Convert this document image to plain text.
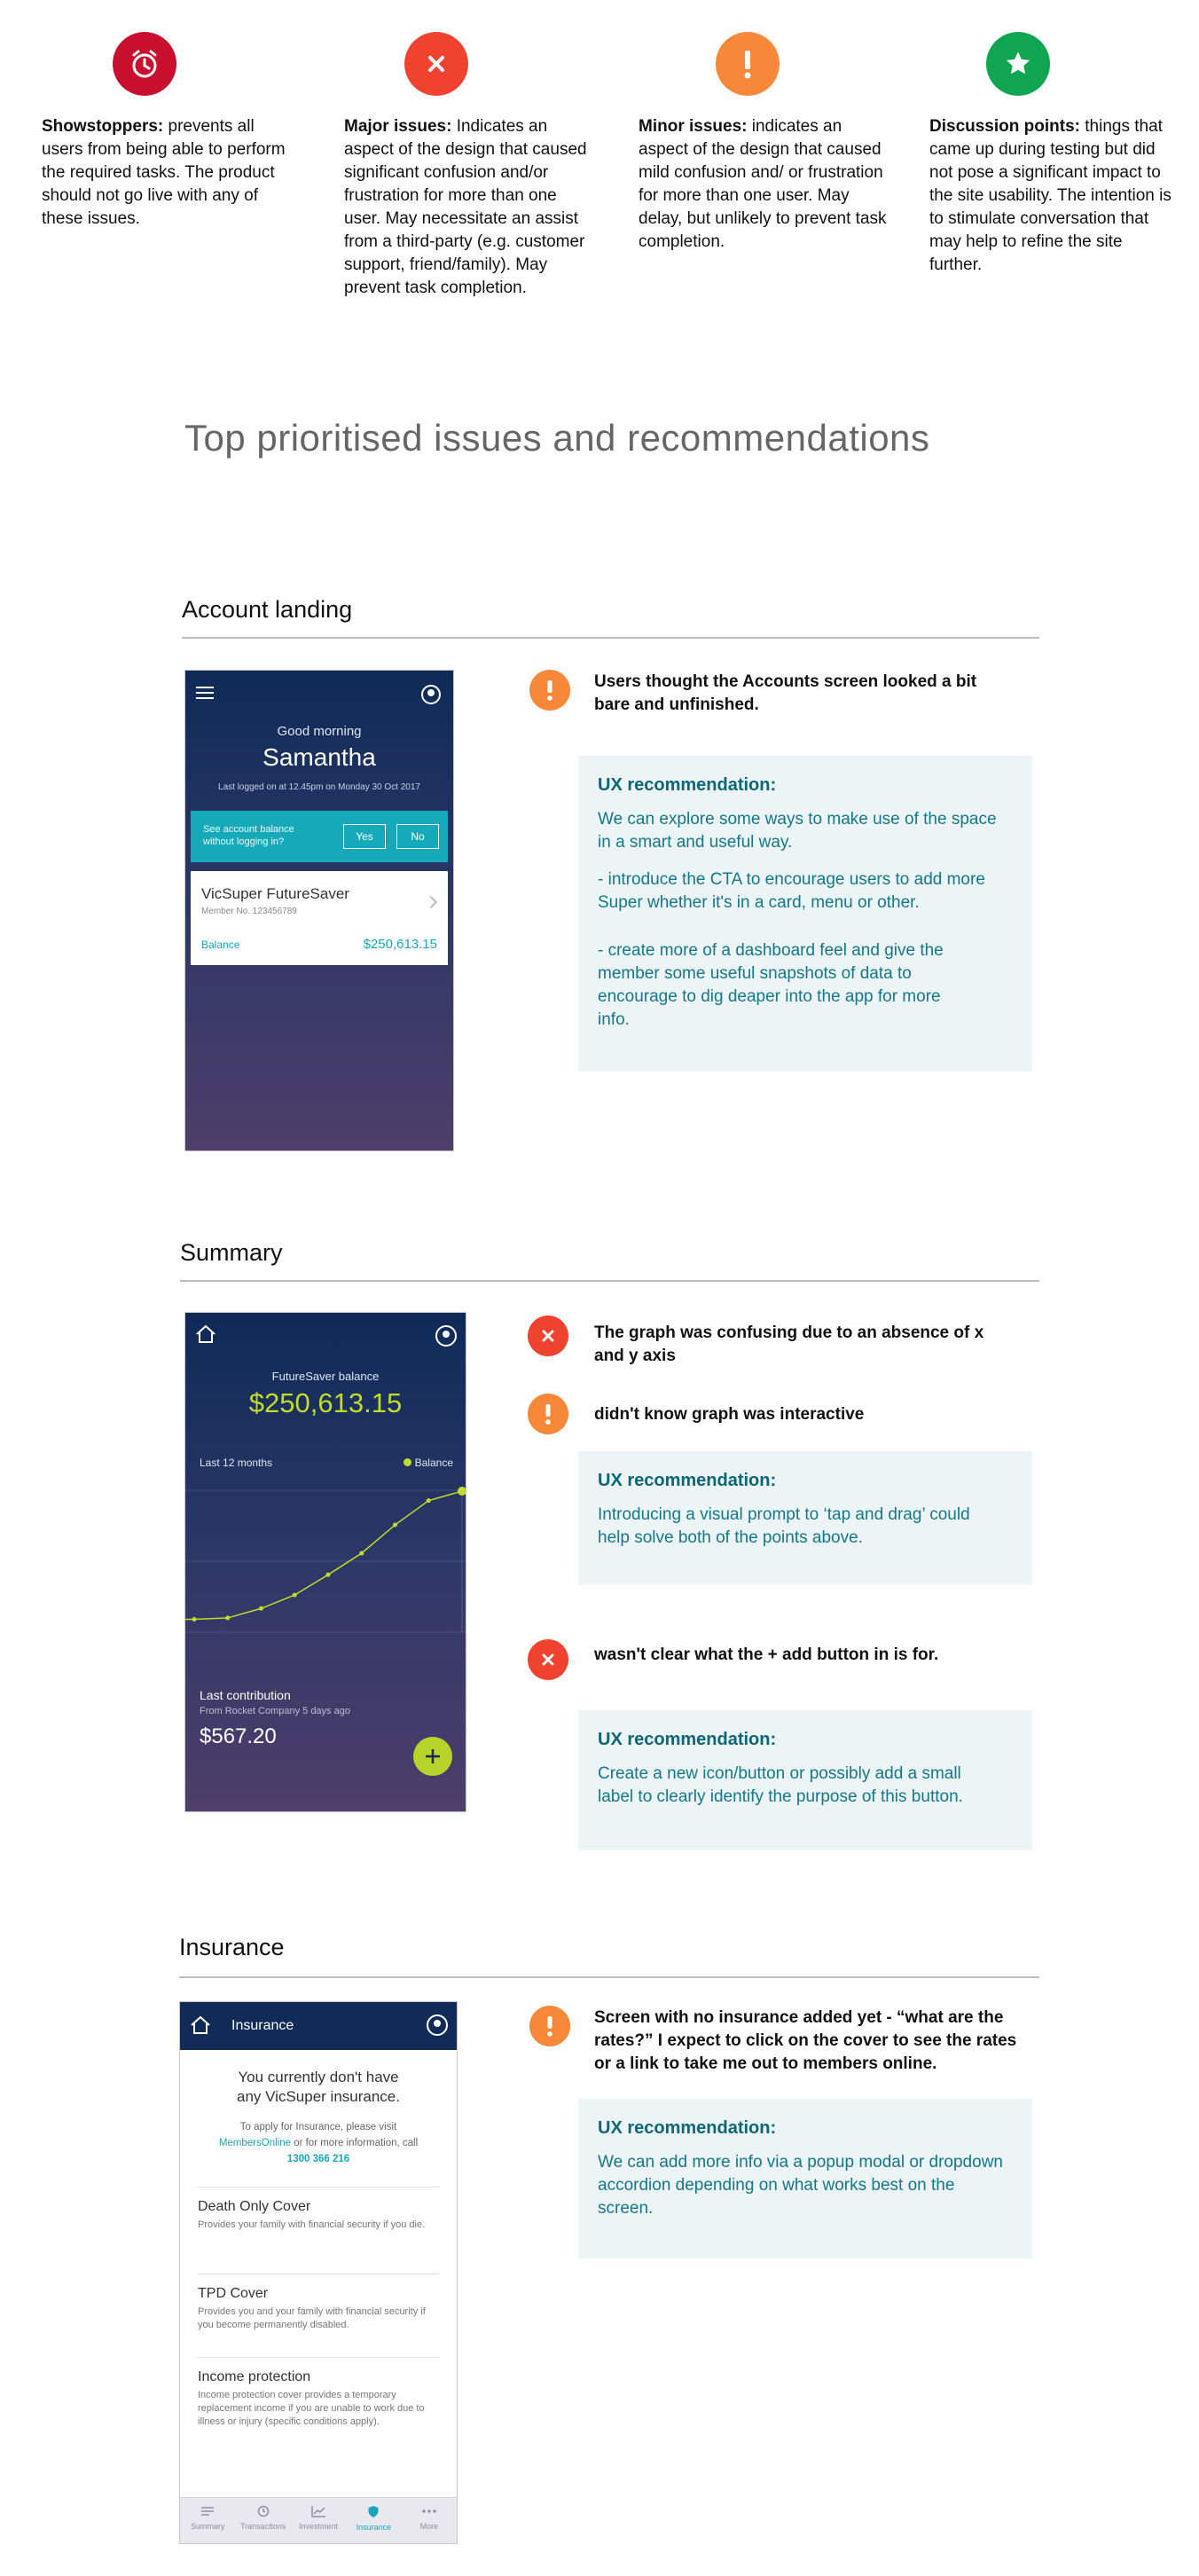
Showstoppers: prevents all users from being able to perform the required tasks. The product should not go live with any of these issues.
Major issues: Indicates an aspect of the design that caused significant confusion and/or frustration for more than one user. May necessitate an assist from a third-party (e.g. customer support, friend/family). May prevent task completion.
Minor issues: indicates an aspect of the design that caused mild confusion and/ or frustration for more than one user. May delay, but unlikely to prevent task completion.
Discussion points: things that came up during testing but did not pose a significant impact to the site usability. The intention is to stimulate conversation that may help to refine the site further.
Top prioritised issues and recommendations
Account landing
Good morning
Samantha
Last logged on at 12.45pm on Monday 30 Oct 2017
See account balance without logging in?	Yes	No
VicSuper FutureSaver
Member No. 123456789
Balance	$250,613.15
Users thought the Accounts screen looked a bit bare and unfinished.
UX recommendation:

We can explore some ways to make use of the space in a smart and useful way.

- introduce the CTA to encourage users to add more Super whether it's in a card, menu or other.

- create more of a dashboard feel and give the member some useful snapshots of data to encourage to dig deaper into the app for more info.

Summary
FutureSaver balance
$250,613.15
Last 12 months	Balance
Last contribution
From Rocket Company 5 days ago
$567.20
The graph was confusing due to an absence of x and y axis
didn't know graph was interactive
UX recommendation:

Introducing a visual prompt to ‘tap and drag’ could help solve both of the points above.

wasn't clear what the + add button in is for.
UX recommendation:

Create a new icon/button or possibly add a small label to clearly identify the purpose of this button.

Insurance
Insurance
You currently don't have any VicSuper insurance.
To apply for Insurance, please visit MembersOnline or for more information, call 1300 366 216
Death Only Cover
Provides your family with financial security if you die.
TPD Cover
Provides you and your family with financial security if you become permanently disabled.
Income protection
Income protection cover provides a temporary replacement income if you are unable to work due to illness or injury (specific conditions apply).
Summary	Transactions	Investment	Insurance	More
Screen with no insurance added yet - “what are the rates?” I expect to click on the cover to see the rates or a link to take me out to members online.
UX recommendation:

We can add more info via a popup modal or dropdown accordion depending on what works best on the screen.
